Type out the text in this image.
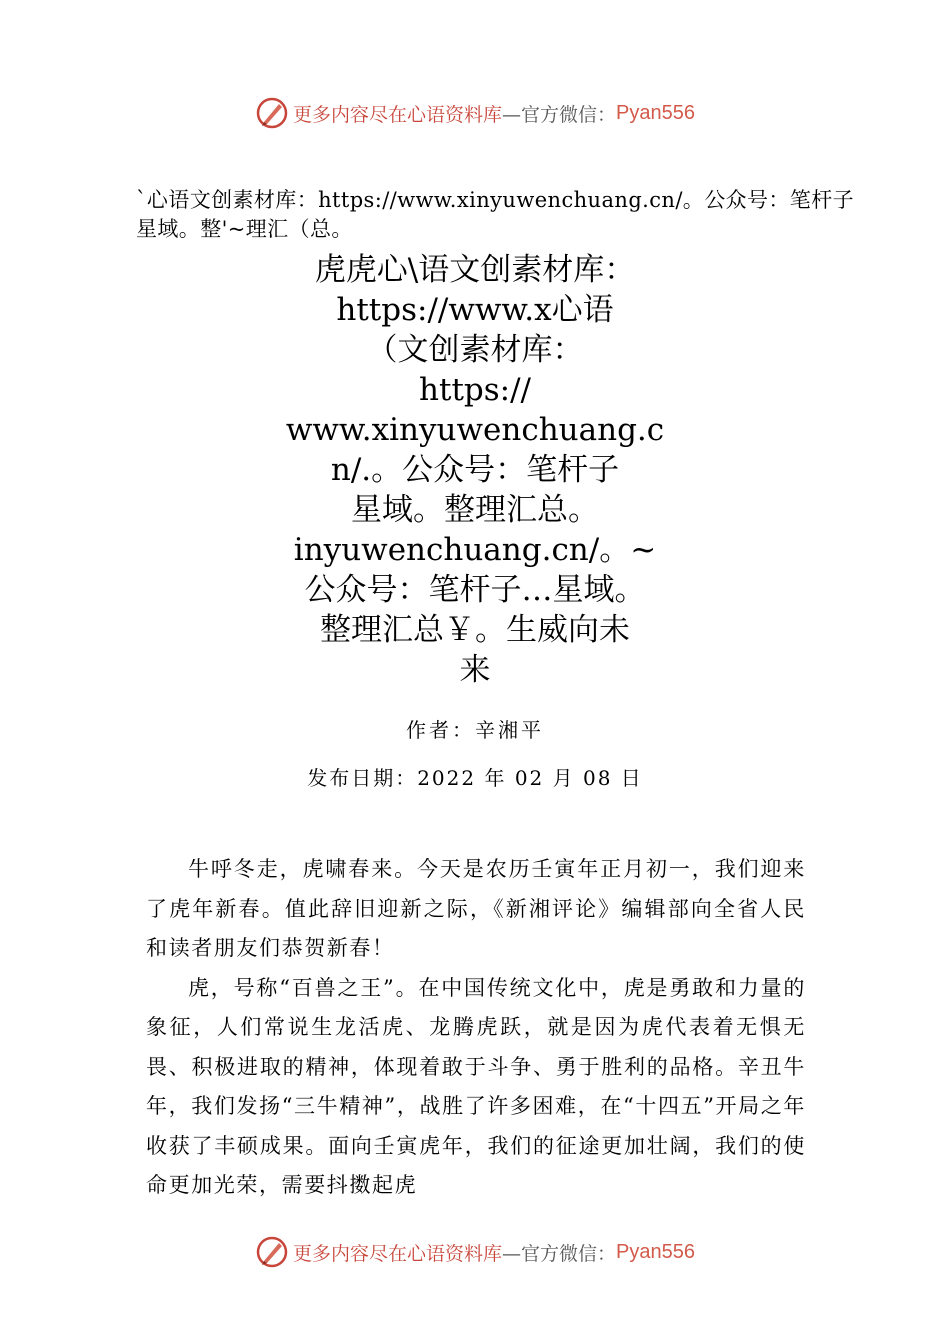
更多内容尽在心语资料库 —官方微信： Pyan556
`心语文创素材库：https://www.xinyuwenchuang.cn/。公众号：笔杆子星域。整'~理汇（总。
虎虎心\语文创素材库：
https://www.x心语
（文创素材库：
https://
www.xinyuwenchuang.c
n/.。公众号：笔杆子
星域。整理汇总。
inyuwenchuang.cn/。~
公众号：笔杆子…星域。
整理汇总￥。生威向未
来
作者：辛湘平
发布日期：2022 年 02 月 08 日

牛呼冬走，虎啸春来。今天是农历壬寅年正月初一，我们迎来了虎年新春。值此辞旧迎新之际，《新湘评论》编辑部向全省人民和读者朋友们恭贺新春！

虎，号称“百兽之王”。在中国传统文化中，虎是勇敢和力量的象征，人们常说生龙活虎、龙腾虎跃，就是因为虎代表着无惧无畏、积极进取的精神，体现着敢于斗争、勇于胜利的品格。辛丑牛年，我们发扬“三牛精神”，战胜了许多困难，在“十四五”开局之年收获了丰硕成果。面向壬寅虎年，我们的征途更加壮阔，我们的使命更加光荣，需要抖擞起虎

更多内容尽在心语资料库 —官方微信： Pyan556
